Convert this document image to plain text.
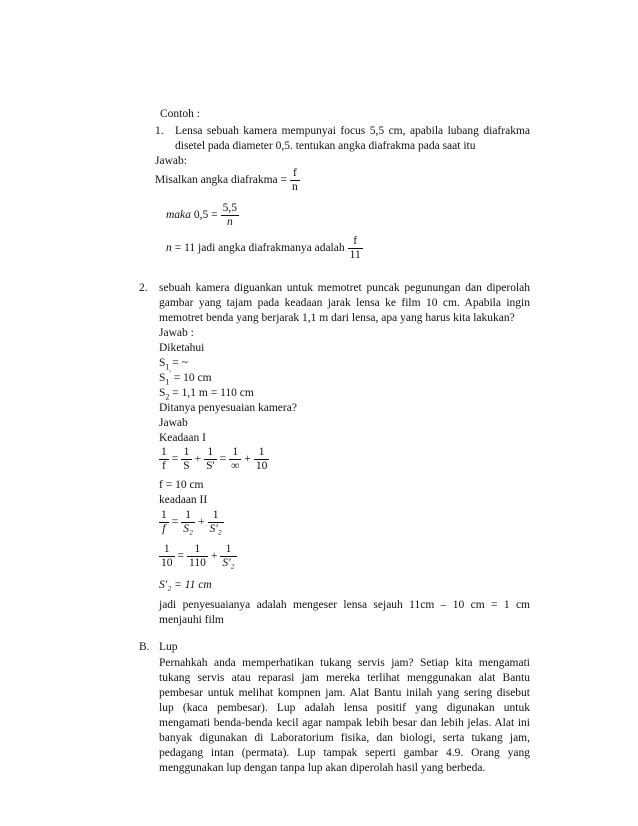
Contoh :
1. Lensa sebuah kamera mempunyai focus 5,5 cm, apabila lubang diafrakma
disetel pada diameter 0,5. tentukan angka diafrakma pada saat itu
Jawab:
Misalkan angka diafrakma = $\frac{f}{n}$
maka $0,5 = \frac{5,5}{n}$
n = 11 jadi angka diafrakmanya adalah $\frac{f}{11}$
2. sebuah kamera diguankan untuk memotret puncak pegunungan dan diperolah
gambar yang tajam pada keadaan jarak lensa ke film 10 cm. Apabila ingin
memotret benda yang berjarak 1,1 m dari lensa, apa yang harus kita lakukan?
Jawab :
Diketahui
$S_1$ = ~
$S_1' = 10$ cm
$S_2 = 1,1$ m = 110 cm
Ditanya penyesuaian kamera?
Jawab
Keadaan I
$\frac{1}{f} = \frac{1}{S} + \frac{1}{S'} = \frac{1}{\infty} + \frac{1}{10}$
f = 10 cm
keadaan II
$\frac{1}{f} = \frac{1}{\text{S₂}} + \frac{1}{\text{S'₂}}$
$\frac{1}{10} = \frac{1}{110} + \frac{1}{\text{S'₂}}$
S'₂ = 11 cm
jadi penyesuaianya adalah mengeser lensa sejauh 11cm – 10 cm = 1 cm
menjauhi film
B. Lup
Pernahkah anda memperhatikan tukang servis jam? Setiap kita mengamati
tukang servis atau reparasi jam mereka terlihat menggunakan alat Bantu
pembesar untuk melihat kompnen jam. Alat Bantu inilah yang sering disebut
lup (kaca pembesar). Lup adalah lensa positif yang digunakan untuk
mengamati benda-benda kecil agar nampak lebih besar dan lebih jelas. Alat ini
banyak digunakan di Laboratorium fisika, dan biologi, serta tukang jam,
pedagang intan (permata). Lup tampak seperti gambar 4.9. Orang yang
menggunakan lup dengan tanpa lup akan diperolah hasil yang berbeda.
